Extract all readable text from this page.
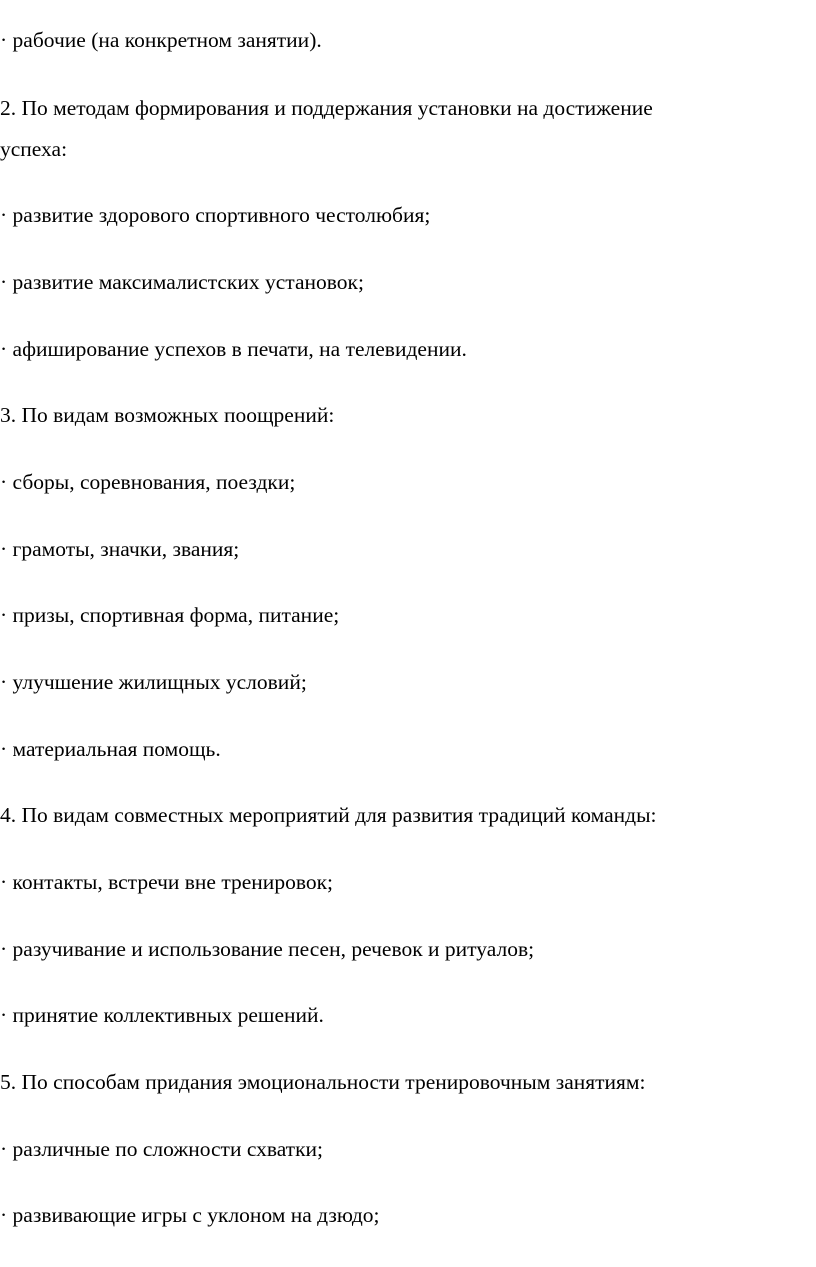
· рабочие (на конкретном занятии).

2. По методам формирования и поддержания установки на достижение

успеха:

· развитие здорового спортивного честолюбия;

· развитие максималистских установок;

· афиширование успехов в печати, на телевидении.

3. По видам возможных поощрений:

· сборы, соревнования, поездки;

· грамоты, значки, звания;

· призы, спортивная форма, питание;

· улучшение жилищных условий;

· материальная помощь.

4. По видам совместных мероприятий для развития традиций команды:

· контакты, встречи вне тренировок;

· разучивание и использование песен, речевок и ритуалов;

· принятие коллективных решений.

5. По способам придания эмоциональности тренировочным занятиям:

· различные по сложности схватки;

· развивающие игры с уклоном на дзюдо;
